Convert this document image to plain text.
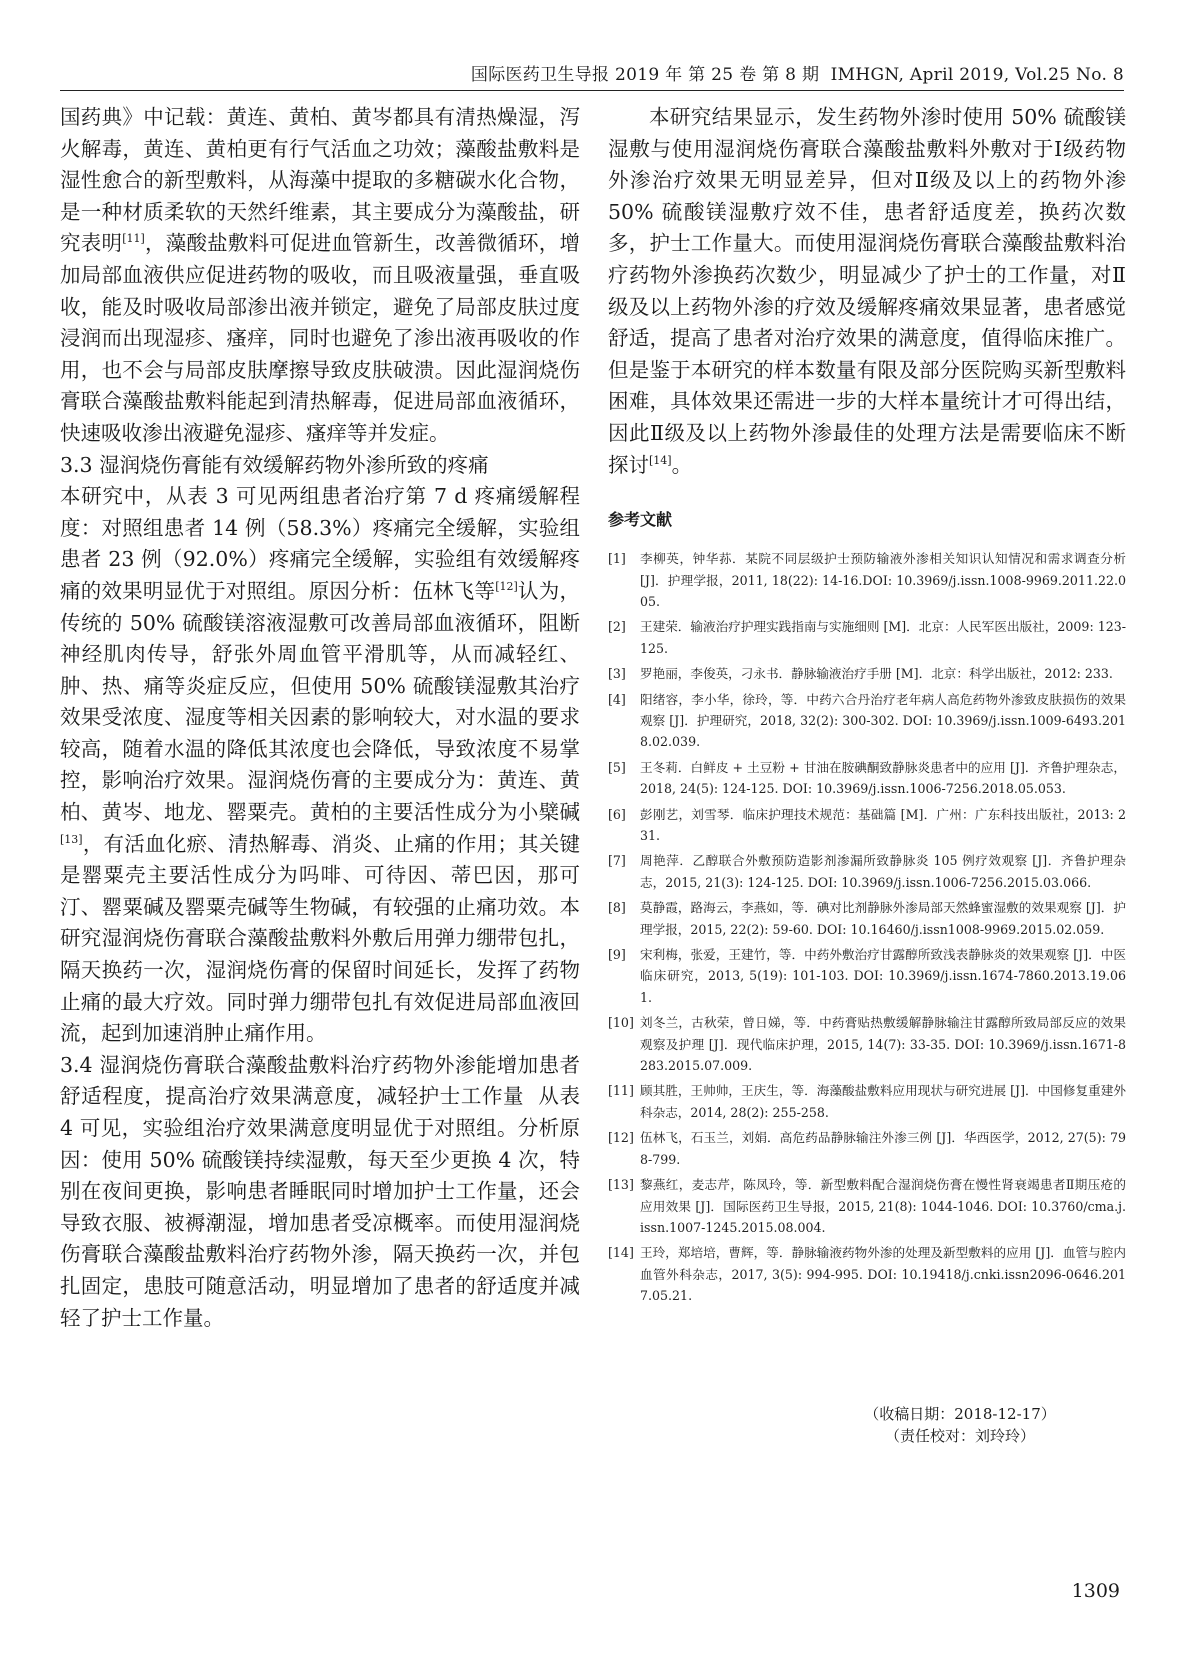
国际医药卫生导报 2019 年 第 25 卷 第 8 期 IMHGN, April 2019, Vol.25 No. 8

国药典》中记载：黄连、黄柏、黄岑都具有清热燥湿，泻火解毒，黄连、黄柏更有行气活血之功效；藻酸盐敷料是湿性愈合的新型敷料，从海藻中提取的多糖碳水化合物，是一种材质柔软的天然纤维素，其主要成分为藻酸盐，研究表明[11]，藻酸盐敷料可促进血管新生，改善微循环，增加局部血液供应促进药物的吸收，而且吸液量强，垂直吸收，能及时吸收局部渗出液并锁定，避免了局部皮肤过度浸润而出现湿疹、瘙痒，同时也避免了渗出液再吸收的作用，也不会与局部皮肤摩擦导致皮肤破溃。因此湿润烧伤膏联合藻酸盐敷料能起到清热解毒，促进局部血液循环，快速吸收渗出液避免湿疹、瘙痒等并发症。

3.3 湿润烧伤膏能有效缓解药物外渗所致的疼痛

本研究中，从表 3 可见两组患者治疗第 7 d 疼痛缓解程度：对照组患者 14 例（58.3%）疼痛完全缓解，实验组患者 23 例（92.0%）疼痛完全缓解，实验组有效缓解疼痛的效果明显优于对照组。原因分析：伍林飞等[12]认为，传统的 50% 硫酸镁溶液湿敷可改善局部血液循环，阻断神经肌肉传导，舒张外周血管平滑肌等，从而减轻红、肿、热、痛等炎症反应，但使用 50% 硫酸镁湿敷其治疗效果受浓度、湿度等相关因素的影响较大，对水温的要求较高，随着水温的降低其浓度也会降低，导致浓度不易掌控，影响治疗效果。湿润烧伤膏的主要成分为：黄连、黄柏、黄岑、地龙、罂粟壳。黄柏的主要活性成分为小檗碱[13]，有活血化瘀、清热解毒、消炎、止痛的作用；其关键是罂粟壳主要活性成分为吗啡、可待因、蒂巴因，那可汀、罂粟碱及罂粟壳碱等生物碱，有较强的止痛功效。本研究湿润烧伤膏联合藻酸盐敷料外敷后用弹力绷带包扎，隔天换药一次，湿润烧伤膏的保留时间延长，发挥了药物止痛的最大疗效。同时弹力绷带包扎有效促进局部血液回流，起到加速消肿止痛作用。

3.4 湿润烧伤膏联合藻酸盐敷料治疗药物外渗能增加患者舒适程度，提高治疗效果满意度，减轻护士工作量 从表 4 可见，实验组治疗效果满意度明显优于对照组。分析原因：使用 50% 硫酸镁持续湿敷，每天至少更换 4 次，特别在夜间更换，影响患者睡眠同时增加护士工作量，还会导致衣服、被褥潮湿，增加患者受凉概率。而使用湿润烧伤膏联合藻酸盐敷料治疗药物外渗，隔天换药一次，并包扎固定，患肢可随意活动，明显增加了患者的舒适度并减轻了护士工作量。

本研究结果显示，发生药物外渗时使用 50% 硫酸镁湿敷与使用湿润烧伤膏联合藻酸盐敷料外敷对于Ⅰ级药物外渗治疗效果无明显差异，但对Ⅱ级及以上的药物外渗 50% 硫酸镁湿敷疗效不佳，患者舒适度差，换药次数多，护士工作量大。而使用湿润烧伤膏联合藻酸盐敷料治疗药物外渗换药次数少，明显减少了护士的工作量，对Ⅱ级及以上药物外渗的疗效及缓解疼痛效果显著，患者感觉舒适，提高了患者对治疗效果的满意度，值得临床推广。但是鉴于本研究的样本数量有限及部分医院购买新型敷料困难，具体效果还需进一步的大样本量统计才可得出结，因此Ⅱ级及以上药物外渗最佳的处理方法是需要临床不断探讨[14]。

参考文献
[1]	李柳英，钟华荪．某院不同层级护士预防输液外渗相关知识认知情况和需求调查分析 [J]．护理学报，2011, 18(22): 14-16.DOI: 10.3969/j.issn.1008-9969.2011.22.005.
[2]	王建荣．输液治疗护理实践指南与实施细则 [M]．北京：人民军医出版社，2009: 123-125.
[3]	罗艳丽，李俊英，刁永书．静脉输液治疗手册 [M]．北京：科学出版社，2012: 233.
[4]	阳绪容，李小华，徐玲，等．中药六合丹治疗老年病人高危药物外渗致皮肤损伤的效果观察 [J]．护理研究，2018, 32(2): 300-302. DOI: 10.3969/j.issn.1009-6493.2018.02.039.
[5]	王冬莉．白鲜皮 + 土豆粉 + 甘油在胺碘酮致静脉炎患者中的应用 [J]．齐鲁护理杂志，2018, 24(5): 124-125. DOI: 10.3969/j.issn.1006-7256.2018.05.053.
[6]	彭刚艺，刘雪琴．临床护理技术规范：基础篇 [M]．广州：广东科技出版社，2013: 231.
[7]	周艳萍．乙醇联合外敷预防造影剂渗漏所致静脉炎 105 例疗效观察 [J]．齐鲁护理杂志，2015, 21(3): 124-125. DOI: 10.3969/j.issn.1006-7256.2015.03.066.
[8]	莫静霞，路海云，李燕如，等．碘对比剂静脉外渗局部天然蜂蜜湿敷的效果观察 [J]．护理学报，2015, 22(2): 59-60. DOI: 10.16460/j.issn1008-9969.2015.02.059.
[9]	宋利梅，张爱，王建竹，等．中药外敷治疗甘露醇所致浅表静脉炎的效果观察 [J]．中医临床研究，2013, 5(19): 101-103. DOI: 10.3969/j.issn.1674-7860.2013.19.061.
[10] 刘冬兰，古秋荣，曾日娣，等．中药膏贴热敷缓解静脉输注甘露醇所致局部反应的效果观察及护理 [J]．现代临床护理，2015, 14(7): 33-35. DOI: 10.3969/j.issn.1671-8283.2015.07.009.
[11] 顾其胜，王帅帅，王庆生，等．海藻酸盐敷料应用现状与研究进展 [J]．中国修复重建外科杂志，2014, 28(2): 255-258.
[12] 伍林飞，石玉兰，刘娟．高危药品静脉输注外渗三例 [J]．华西医学，2012, 27(5): 798-799.
[13] 黎燕红，麦志芹，陈凤玲，等．新型敷料配合湿润烧伤膏在慢性肾衰竭患者Ⅱ期压疮的应用效果 [J]．国际医药卫生导报，2015, 21(8): 1044-1046. DOI: 10.3760/cma.j.issn.1007-1245.2015.08.004.
[14] 王玲，郑培培，曹辉，等．静脉输液药物外渗的处理及新型敷料的应用 [J]．血管与腔内血管外科杂志，2017, 3(5): 994-995. DOI: 10.19418/j.cnki.issn2096-0646.2017.05.21.
（收稿日期：2018-12-17）
（责任校对：刘玲玲）
1309
